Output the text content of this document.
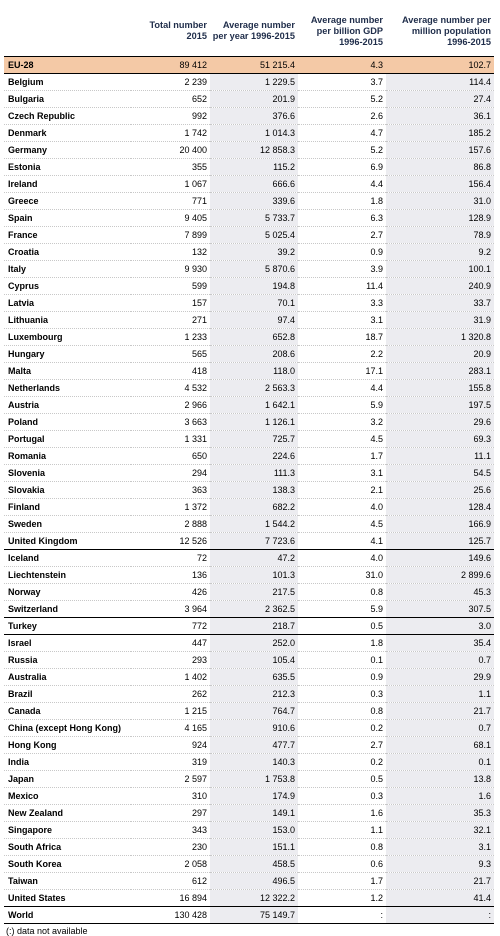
	Total number 2015	Average number per year 1996-2015	Average number per billion GDP 1996-2015	Average number per million population 1996-2015
EU-28	89 412	51 215.4	4.3	102.7
Belgium	2 239	1 229.5	3.7	114.4
Bulgaria	652	201.9	5.2	27.4
Czech Republic	992	376.6	2.6	36.1
Denmark	1 742	1 014.3	4.7	185.2
Germany	20 400	12 858.3	5.2	157.6
Estonia	355	115.2	6.9	86.8
Ireland	1 067	666.6	4.4	156.4
Greece	771	339.6	1.8	31.0
Spain	9 405	5 733.7	6.3	128.9
France	7 899	5 025.4	2.7	78.9
Croatia	132	39.2	0.9	9.2
Italy	9 930	5 870.6	3.9	100.1
Cyprus	599	194.8	11.4	240.9
Latvia	157	70.1	3.3	33.7
Lithuania	271	97.4	3.1	31.9
Luxembourg	1 233	652.8	18.7	1 320.8
Hungary	565	208.6	2.2	20.9
Malta	418	118.0	17.1	283.1
Netherlands	4 532	2 563.3	4.4	155.8
Austria	2 966	1 642.1	5.9	197.5
Poland	3 663	1 126.1	3.2	29.6
Portugal	1 331	725.7	4.5	69.3
Romania	650	224.6	1.7	11.1
Slovenia	294	111.3	3.1	54.5
Slovakia	363	138.3	2.1	25.6
Finland	1 372	682.2	4.0	128.4
Sweden	2 888	1 544.2	4.5	166.9
United Kingdom	12 526	7 723.6	4.1	125.7
Iceland	72	47.2	4.0	149.6
Liechtenstein	136	101.3	31.0	2 899.6
Norway	426	217.5	0.8	45.3
Switzerland	3 964	2 362.5	5.9	307.5
Turkey	772	218.7	0.5	3.0
Israel	447	252.0	1.8	35.4
Russia	293	105.4	0.1	0.7
Australia	1 402	635.5	0.9	29.9
Brazil	262	212.3	0.3	1.1
Canada	1 215	764.7	0.8	21.7
China (except Hong Kong)	4 165	910.6	0.2	0.7
Hong Kong	924	477.7	2.7	68.1
India	319	140.3	0.2	0.1
Japan	2 597	1 753.8	0.5	13.8
Mexico	310	174.9	0.3	1.6
New Zealand	297	149.1	1.6	35.3
Singapore	343	153.0	1.1	32.1
South Africa	230	151.1	0.8	3.1
South Korea	2 058	458.5	0.6	9.3
Taiwan	612	496.5	1.7	21.7
United States	16 894	12 322.2	1.2	41.4
World	130 428	75 149.7	:	:
(:) data not available
